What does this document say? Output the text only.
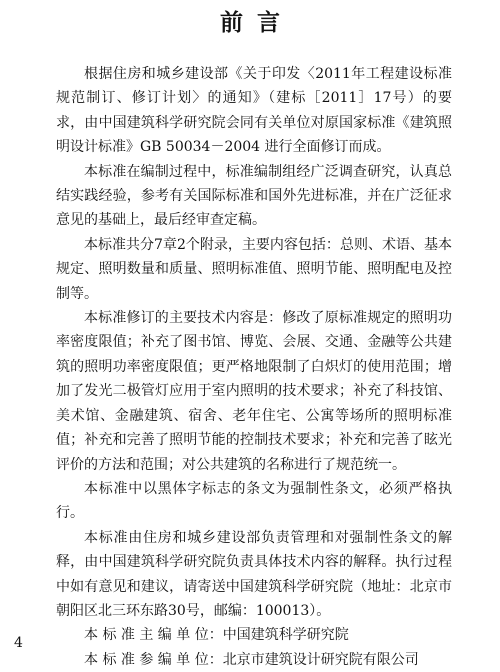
前言

根据住房和城乡建设部《关于印发〈2011年工程建设标准规范制订、修订计划〉的通知》（建标［2011］17号）的要求，由中国建筑科学研究院会同有关单位对原国家标准《建筑照明设计标准》GB 50034－2004 进行全面修订而成。

本标准在编制过程中，标准编制组经广泛调查研究，认真总结实践经验，参考有关国际标准和国外先进标准，并在广泛征求意见的基础上，最后经审查定稿。

本标准共分7章2个附录，主要内容包括：总则、术语、基本规定、照明数量和质量、照明标准值、照明节能、照明配电及控制等。

本标准修订的主要技术内容是：修改了原标准规定的照明功率密度限值；补充了图书馆、博览、会展、交通、金融等公共建筑的照明功率密度限值；更严格地限制了白炽灯的使用范围；增加了发光二极管灯应用于室内照明的技术要求；补充了科技馆、美术馆、金融建筑、宿舍、老年住宅、公寓等场所的照明标准值；补充和完善了照明节能的控制技术要求；补充和完善了眩光评价的方法和范围；对公共建筑的名称进行了规范统一。

本标准中以黑体字标志的条文为强制性条文，必须严格执行。

本标准由住房和城乡建设部负责管理和对强制性条文的解释，由中国建筑科学研究院负责具体技术内容的解释。执行过程中如有意见和建议，请寄送中国建筑科学研究院（地址：北京市朝阳区北三环东路30号，邮编：100013）。

本 标 准 主 编 单 位：中国建筑科学研究院

本 标 准 参 编 单 位：北京市建筑设计研究院有限公司

4
